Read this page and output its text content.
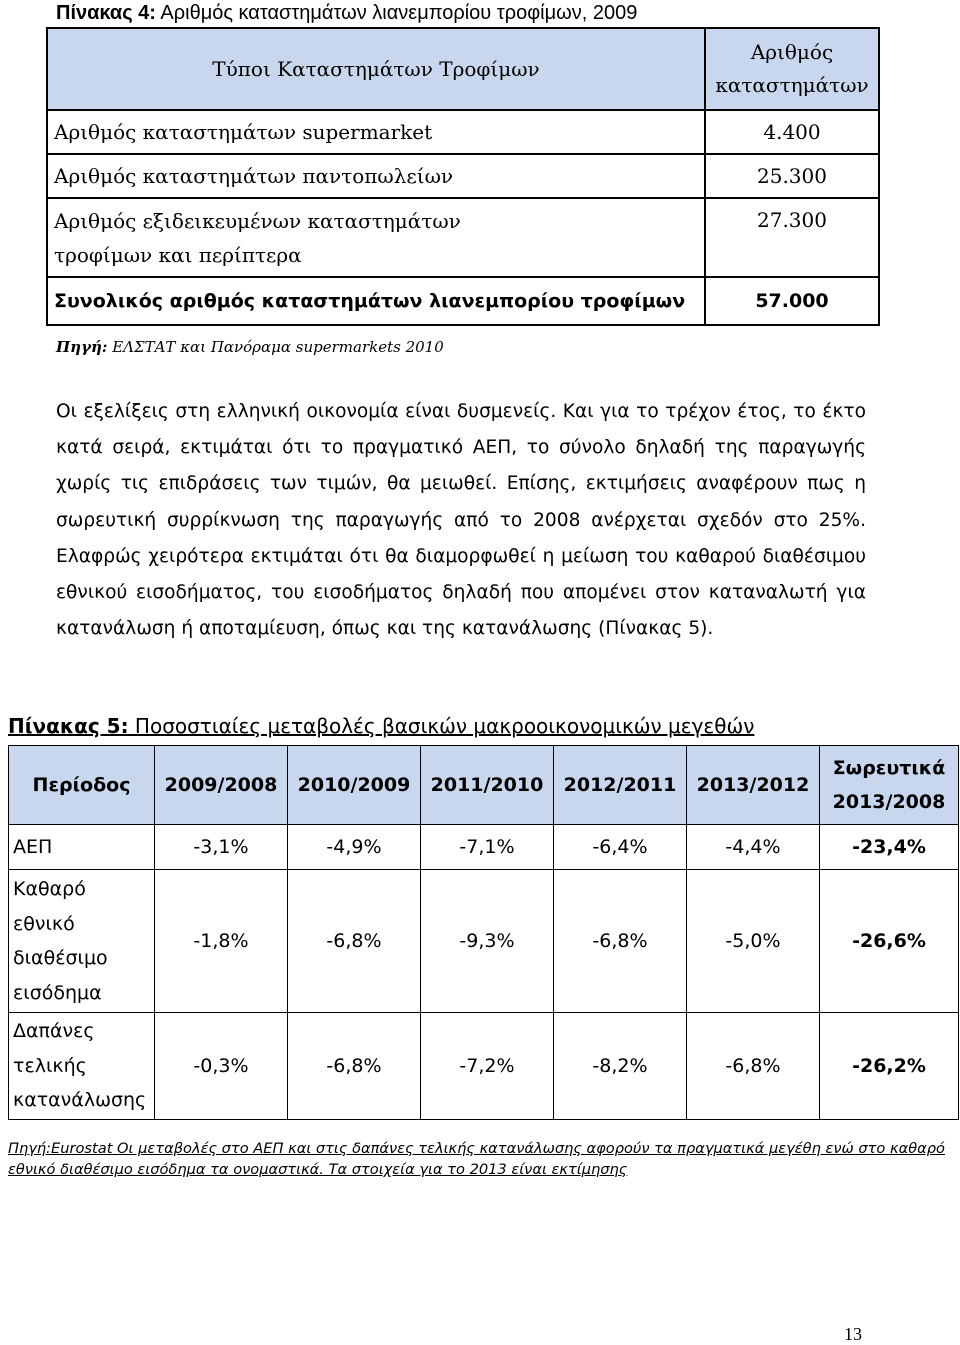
Πίνακας 4: Αριθμός καταστημάτων λιανεμπορίου τροφίμων, 2009
Τύποι Καταστημάτων Τροφίμων	Αριθμός
καταστημάτων
Αριθμός καταστημάτων supermarket	4.400
Αριθμός καταστημάτων παντοπωλείων	25.300
Αριθμός εξιδεικευμένων καταστημάτων τροφίμων και περίπτερα	27.300
Συνολικός αριθμός καταστημάτων λιανεμπορίου τροφίμων	57.000
Πηγή: ΕΛΣΤΑΤ και Πανόραμα supermarkets 2010
Οι εξελίξεις στη ελληνική οικονομία είναι δυσμενείς. Και για το τρέχον έτος, το έκτο κατά σειρά, εκτιμάται ότι το πραγματικό ΑΕΠ, το σύνολο δηλαδή της παραγωγής χωρίς τις επιδράσεις των τιμών, θα μειωθεί. Επίσης, εκτιμήσεις αναφέρουν πως η σωρευτική συρρίκνωση της παραγωγής από το 2008 ανέρχεται σχεδόν στο 25%. Ελαφρώς χειρότερα εκτιμάται ότι θα διαμορφωθεί η μείωση του καθαρού διαθέσιμου εθνικού εισοδήματος, του εισοδήματος δηλαδή που απομένει στον καταναλωτή για κατανάλωση ή αποταμίευση, όπως και της κατανάλωσης (Πίνακας 5).
Πίνακας 5: Ποσοστιαίες μεταβολές βασικών μακροοικονομικών μεγεθών
Περίοδος	2009/2008	2010/2009	2011/2010	2012/2011	2013/2012	Σωρευτικά
2013/2008
ΑΕΠ	-3,1%	-4,9%	-7,1%	-6,4%	-4,4%	-23,4%
Καθαρό
εθνικό
διαθέσιμο
εισόδημα	-1,8%	-6,8%	-9,3%	-6,8%	-5,0%	-26,6%
Δαπάνες
τελικής
κατανάλωσης	-0,3%	-6,8%	-7,2%	-8,2%	-6,8%	-26,2%
Πηγή:Eurostat Οι μεταβολές στο ΑΕΠ και στις δαπάνες τελικής κατανάλωσης αφορούν τα πραγματικά μεγέθη ενώ στο καθαρό εθνικό διαθέσιμο εισόδημα τα ονομαστικά. Τα στοιχεία για το 2013 είναι εκτίμησης
13
